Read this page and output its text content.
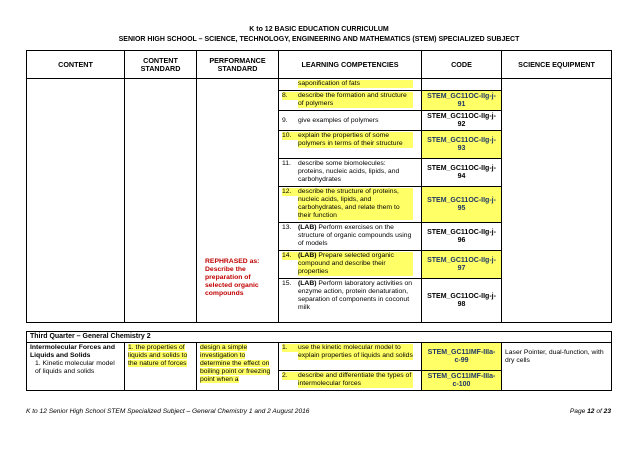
K to 12 BASIC EDUCATION CURRICULUM
SENIOR HIGH SCHOOL – SCIENCE, TECHNOLOGY, ENGINEERING AND MATHEMATICS (STEM) SPECIALIZED SUBJECT
CONTENT	CONTENT STANDARD	PERFORMANCE STANDARD	LEARNING COMPETENCIES	CODE	SCIENCE EQUIPMENT
			saponification of fats		
			8. describe the formation and structure of polymers	STEM_GC11OC-IIg-j-91	
			9. give examples of polymers	STEM_GC11OC-IIg-j-92	
			10. explain the properties of some polymers in terms of their structure	STEM_GC11OC-IIg-j-93	
			11. describe some biomolecules: proteins, nucleic acids, lipids, and carbohydrates	STEM_GC11OC-IIg-j-94	
			12. describe the structure of proteins, nucleic acids, lipids, and carbohydrates, and relate them to their function	STEM_GC11OC-IIg-j-95	
			13. (LAB) Perform exercises on the structure of organic compounds using of models	STEM_GC11OC-IIg-j-96	
			14. (LAB) Prepare selected organic compound and describe their properties	STEM_GC11OC-IIg-j-97	
			15. (LAB) Perform laboratory activities on enzyme action, protein denaturation, separation of components in coconut milk	STEM_GC11OC-IIg-j-98	
REPHRASED as: Describe the preparation of selected organic compounds
Third Quarter – General Chemistry 2					

Intermolecular Forces and Liquids and Solids
1. Kinetic molecular model of liquids and solids	1. the properties of liquids and solids to the nature of forces	design a simple investigation to determine the effect on boiling point or freezing point when a	1. use the kinetic molecular model to explain properties of liquids and solids	STEM_GC11IMF-IIIa-c-99	Laser Pointer, dual-function, with dry cells
			2. describe and differentiate the types of intermolecular forces	STEM_GC11IMF-IIIa-c-100	
K to 12 Senior High School STEM Specialized Subject – General Chemistry 1 and 2 August 2016	Page 12 of 23
